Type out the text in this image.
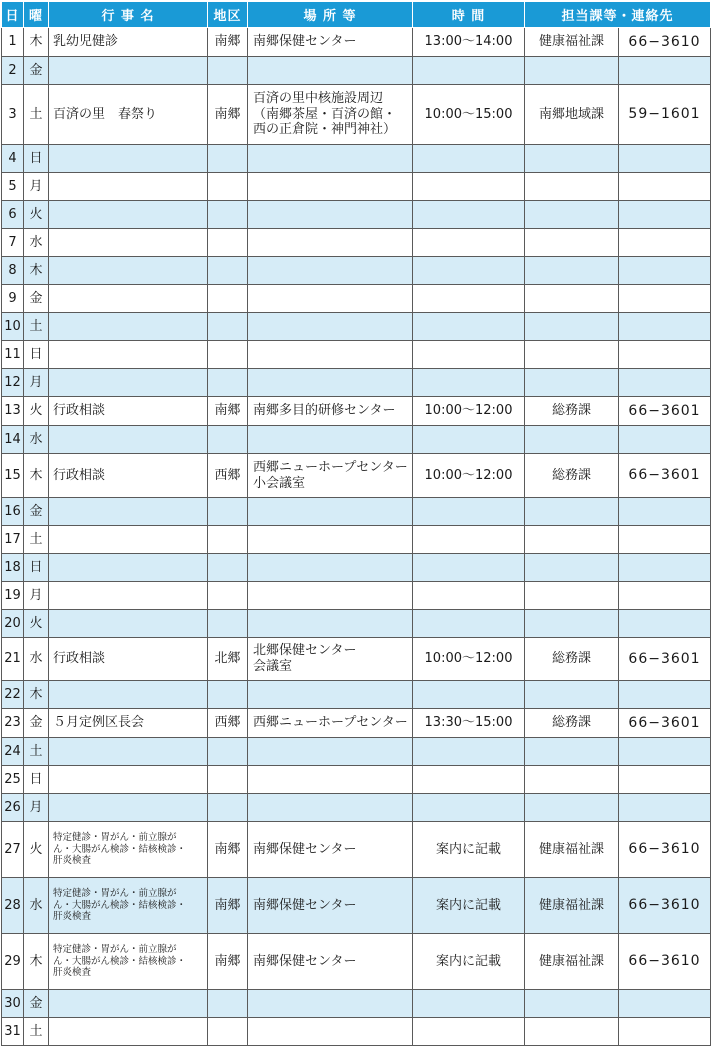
日	曜	行 事 名	地区	場 所 等	時 間	担当課等・連絡先	
1	木	乳幼児健診	南郷	南郷保健センター	13:00～14:00	健康福祉課	66−3610
2	金						
3	土	百済の里　春祭り	南郷	百済の里中核施設周辺
（南郷茶屋・百済の館・
西の正倉院・神門神社）	10:00～15:00	南郷地域課	59−1601
4	日						
5	月						
6	火						
7	水						
8	木						
9	金						
10	土						
11	日						
12	月						
13	火	行政相談	南郷	南郷多目的研修センター	10:00～12:00	総務課	66−3601
14	水						
15	木	行政相談	西郷	西郷ニューホープセンター
小会議室	10:00～12:00	総務課	66−3601
16	金						
17	土						
18	日						
19	月						
20	火						
21	水	行政相談	北郷	北郷保健センター
会議室	10:00～12:00	総務課	66−3601
22	木						
23	金	５月定例区長会	西郷	西郷ニューホープセンター	13:30～15:00	総務課	66−3601
24	土						
25	日						
26	月						
27	火	特定健診・胃がん・前立腺が
ん・大腸がん検診・結核検診・
肝炎検査	南郷	南郷保健センター	案内に記載	健康福祉課	66−3610
28	水	特定健診・胃がん・前立腺が
ん・大腸がん検診・結核検診・
肝炎検査	南郷	南郷保健センター	案内に記載	健康福祉課	66−3610
29	木	特定健診・胃がん・前立腺が
ん・大腸がん検診・結核検診・
肝炎検査	南郷	南郷保健センター	案内に記載	健康福祉課	66−3610
30	金						
31	土						
